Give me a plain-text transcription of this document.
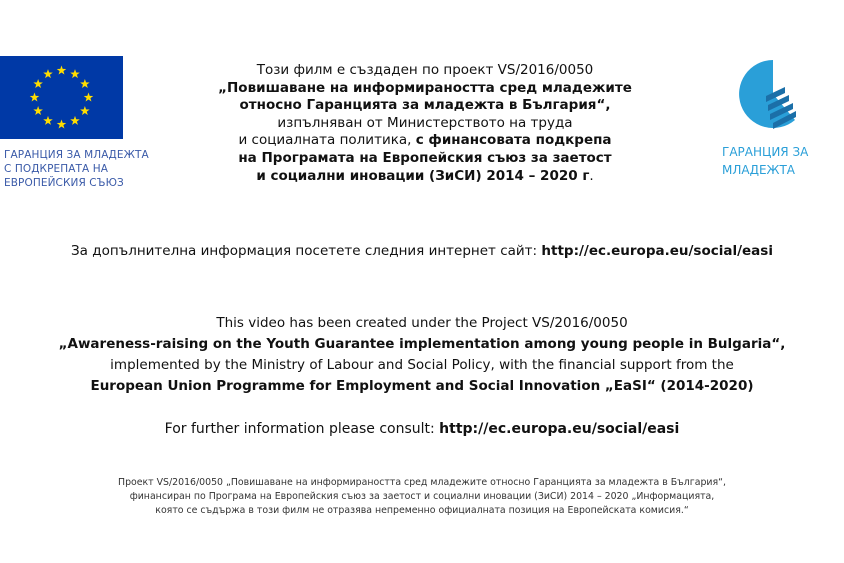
ГАРАНЦИЯ ЗА МЛАДЕЖТА
С ПОДКРЕПАТА НА
ЕВРОПЕЙСКИЯ СЪЮЗ
ГАРАНЦИЯ ЗА
МЛАДЕЖТА
Този филм е създаден по проект VS/2016/0050
„Повишаване на информираността сред младежите
относно Гаранцията за младежта в България“,
изпълняван от Министерството на труда
и социалната политика, с финансовата подкрепа
на Програмата на Европейския съюз за заетост
и социални иновации (ЗиСИ) 2014 – 2020 г.
За допълнителна информация посетете следния интернет сайт: http://ec.europa.eu/social/easi
This video has been created under the Project VS/2016/0050
„Awareness-raising on the Youth Guarantee implementation among young people in Bulgaria“,
implemented by the Ministry of Labour and Social Policy, with the financial support from the
European Union Programme for Employment and Social Innovation „EaSI“ (2014-2020)
For further information please consult: http://ec.europa.eu/social/easi
Проект VS/2016/0050 „Повишаване на информираността сред младежите относно Гаранцията за младежта в България“,
финансиран по Програма на Европейския съюз за заетост и социални иновации (ЗиСИ) 2014 – 2020 „Информацията,
която се съдържа в този филм не отразява непременно официалната позиция на Европейската комисия.“
